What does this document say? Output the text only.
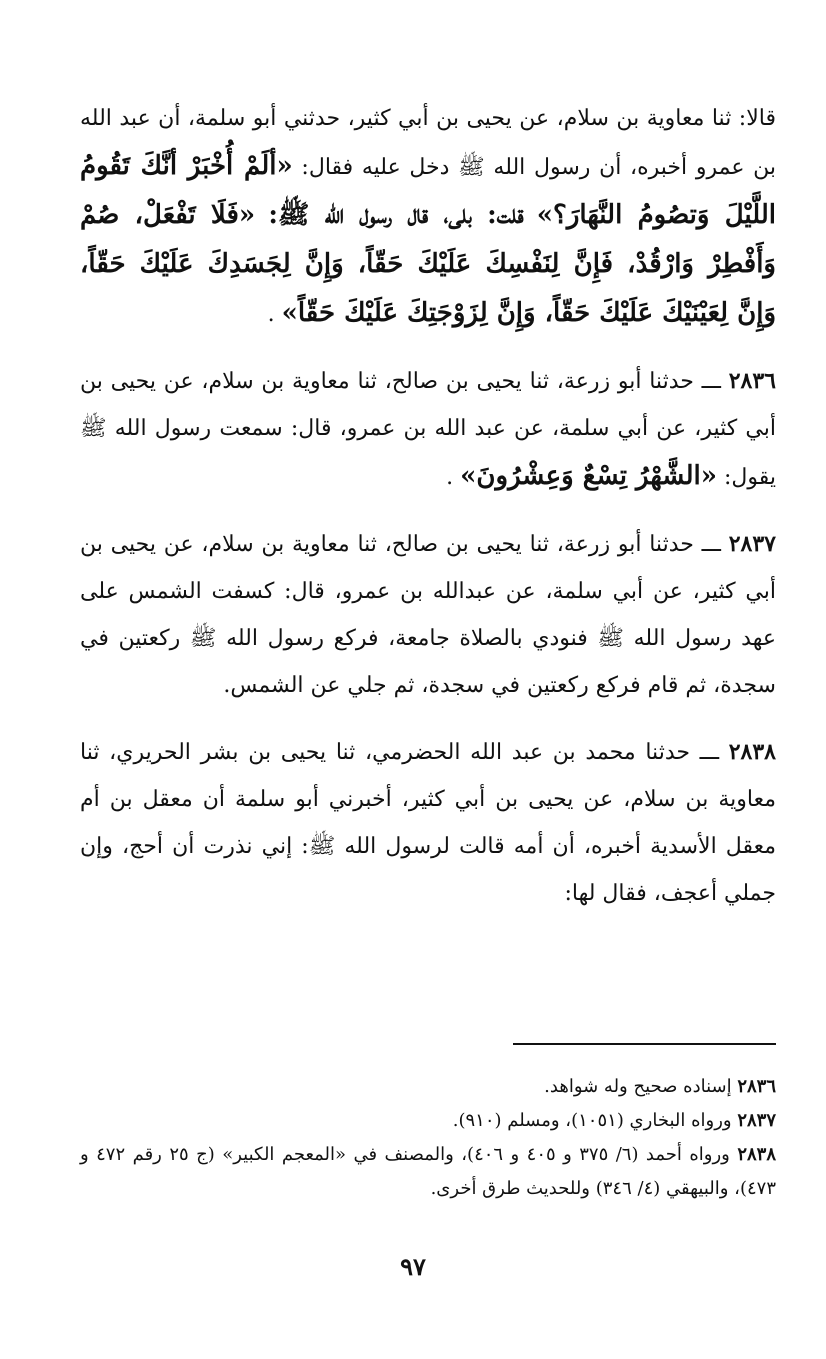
قالا: ثنا معاوية بن سلام، عن يحيى بن أبي كثير، حدثني أبو سلمة، أن عبد الله بن عمرو أخبره، أن رسول الله ﷺ دخل عليه فقال: «ألَمْ أُخْبَرْ أنَّكَ تَقُومُ اللَّيْلَ وَتصُومُ النَّهَارَ؟» قلت: بلى، قال رسول الله ﷺ: «فَلَا تَفْعَلْ، صُمْ وَأَفْطِرْ وَارْقُدْ، فَإِنَّ لِنَفْسِكَ عَلَيْكَ حَقّاً، وَإِنَّ لِجَسَدِكَ عَلَيْكَ حَقّاً، وَإِنَّ لِعَيْنَيْكَ عَلَيْكَ حَقّاً، وَإِنَّ لِزَوْجَتِكَ عَلَيْكَ حَقّاً» .

٢٨٣٦ ـــ حدثنا أبو زرعة، ثنا يحيى بن صالح، ثنا معاوية بن سلام، عن يحيى بن أبي كثير، عن أبي سلمة، عن عبد الله بن عمرو، قال: سمعت رسول الله ﷺ يقول: «الشَّهْرُ تِسْعٌ وَعِشْرُونَ» .

٢٨٣٧ ـــ حدثنا أبو زرعة، ثنا يحيى بن صالح، ثنا معاوية بن سلام، عن يحيى بن أبي كثير، عن أبي سلمة، عن عبدالله بن عمرو، قال: كسفت الشمس على عهد رسول الله ﷺ فنودي بالصلاة جامعة، فركع رسول الله ﷺ ركعتين في سجدة، ثم قام فركع ركعتين في سجدة، ثم جلي عن الشمس.

٢٨٣٨ ـــ حدثنا محمد بن عبد الله الحضرمي، ثنا يحيى بن بشر الحريري، ثنا معاوية بن سلام، عن يحيى بن أبي كثير، أخبرني أبو سلمة أن معقل بن أم معقل الأسدية أخبره، أن أمه قالت لرسول الله ﷺ: إني نذرت أن أحج، وإن جملي أعجف، فقال لها:

٢٨٣٦ إسناده صحيح وله شواهد.

٢٨٣٧ ورواه البخاري (١٠٥١)، ومسلم (٩١٠).

٢٨٣٨ ورواه أحمد (٦/ ٣٧٥ و ٤٠٥ و ٤٠٦)، والمصنف في «المعجم الكبير» (ج ٢٥ رقم ٤٧٢ و ٤٧٣)، والبيهقي (٤/ ٣٤٦) وللحديث طرق أخرى.

٩٧
